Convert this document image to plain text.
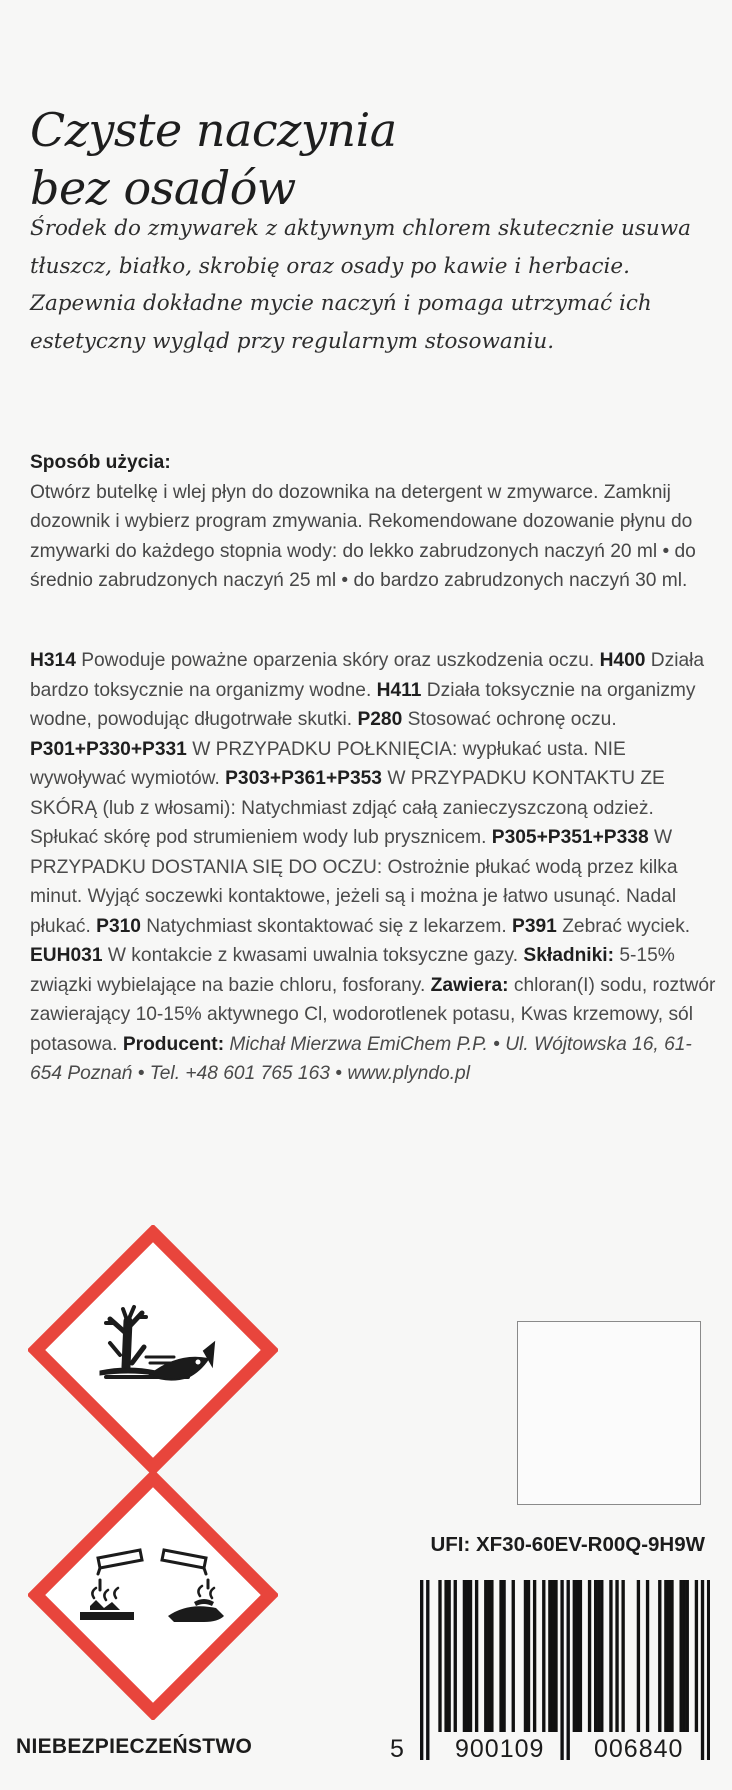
Czyste naczynia
bez osadów

Środek do zmywarek z aktywnym chlorem skutecznie usuwa tłuszcz, białko, skrobię oraz osady po kawie i herbacie. Zapewnia dokładne mycie naczyń i pomaga utrzymać ich estetyczny wygląd przy regularnym stosowaniu.

Sposób użycia:
Otwórz butelkę i wlej płyn do dozownika na detergent w zmywarce. Zamknij dozownik i wybierz program zmywania. Rekomendowane dozowanie płynu do zmywarki do każdego stopnia wody: do lekko zabrudzonych naczyń 20 ml • do średnio zabrudzonych naczyń 25 ml • do bardzo zabrudzonych naczyń 30 ml.
H314 Powoduje poważne oparzenia skóry oraz uszkodzenia oczu. H400 Działa bardzo toksycznie na organizmy wodne. H411 Działa toksycznie na organizmy wodne, powodując długotrwałe skutki. P280 Stosować ochronę oczu. P301+P330+P331 W PRZYPADKU POŁKNIĘCIA: wypłukać usta. NIE wywoływać wymiotów. P303+P361+P353 W PRZYPADKU KONTAKTU ZE SKÓRĄ (lub z włosami): Natychmiast zdjąć całą zanieczyszczoną odzież. Spłukać skórę pod strumieniem wody lub prysznicem. P305+P351+P338 W PRZYPADKU DOSTANIA SIĘ DO OCZU: Ostrożnie płukać wodą przez kilka minut. Wyjąć soczewki kontaktowe, jeżeli są i można je łatwo usunąć. Nadal płukać. P310 Natychmiast skontaktować się z lekarzem. P391 Zebrać wyciek. EUH031 W kontakcie z kwasami uwalnia toksyczne gazy. Składniki: 5-15% związki wybielające na bazie chloru, fosforany. Zawiera: chloran(I) sodu, roztwór zawierający 10-15% aktywnego Cl, wodorotlenek potasu, Kwas krzemowy, sól potasowa. Producent: Michał Mierzwa EmiChem P.P. • Ul. Wójtowska 16, 61-654 Poznań • Tel. +48 601 765 163 • www.plyndo.pl
UFI: XF30-60EV-R00Q-9H9W
5 900109 006840
NIEBEZPIECZEŃSTWO
